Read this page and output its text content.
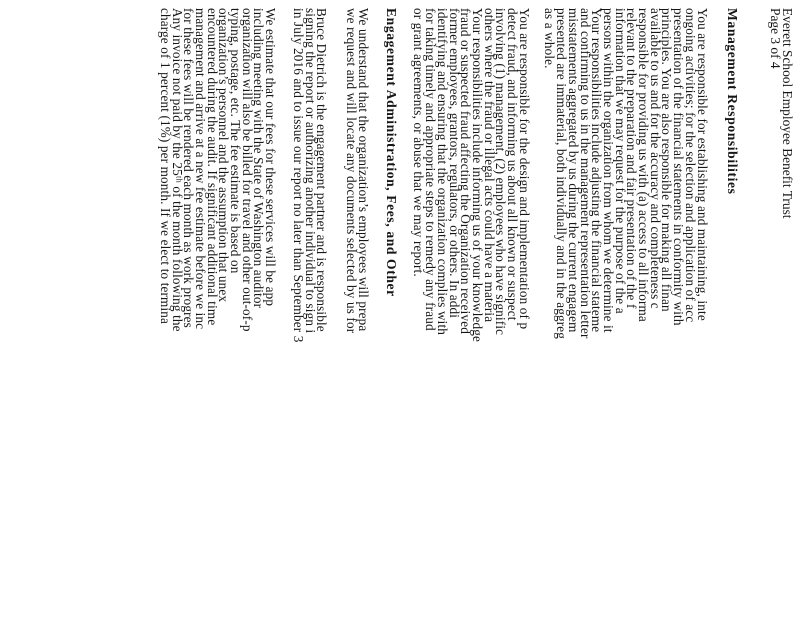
Everett School Employee Benefit Trust
Page 3 of 4
Management Responsibilities
You are responsible for establishing and maintaining, inte
ongoing activities; for the selection and application of acc
presentation of the financial statements in conformity with
principles. You are also responsible for making all finan
available to us and for the accuracy and completeness c
responsible for providing us with (a) access to all informa
relevant to the preparation and fair presentation of the f
information that we may request for the purpose of the a
persons within the organization from whom we determine it
Your responsibilities include adjusting the financial stateme
and confirming to us in the management representation letter
misstatements aggregated by us during the current engagem
presented are immaterial, both individually and in the aggreg
as a whole.
You are responsible for the design and implementation of p
detect fraud, and informing us about all known or suspect
involving (1) management, (2) employees who have signific
others where the fraud or illegal acts could have a materia
Your responsibilities include informing us of your knowledge
fraud or suspected fraud affecting the Organization received
former employees, grantors, regulators, or others. In addi
identifying and ensuring that the organization complies with
for taking timely and appropriate steps to remedy any fraud
or grant agreements, or abuse that we may report.
Engagement Administration, Fees, and Other
We understand that the organization’s employees will prepa
we request and will locate any documents selected by us for
Bruce Dietrich is the engagement partner and is responsible
signing the report or authorizing another individual to sign i
in July 2016 and to issue our report no later than September 3
We estimate that our fees for these services will be app
including meeting with the State of Washington auditor
organization will also be billed for travel and other out-of-p
typing, postage, etc. The fee estimate is based on
organization’s personnel and the assumption that unex
encountered during the audit. If significant additional time
management and arrive at a new fee estimate before we inc
for these fees will be rendered each month as work progres
Any invoice not paid by the 25ᵗʰ of the month following the
charge of 1 percent (1%) per month. If we elect to termina
